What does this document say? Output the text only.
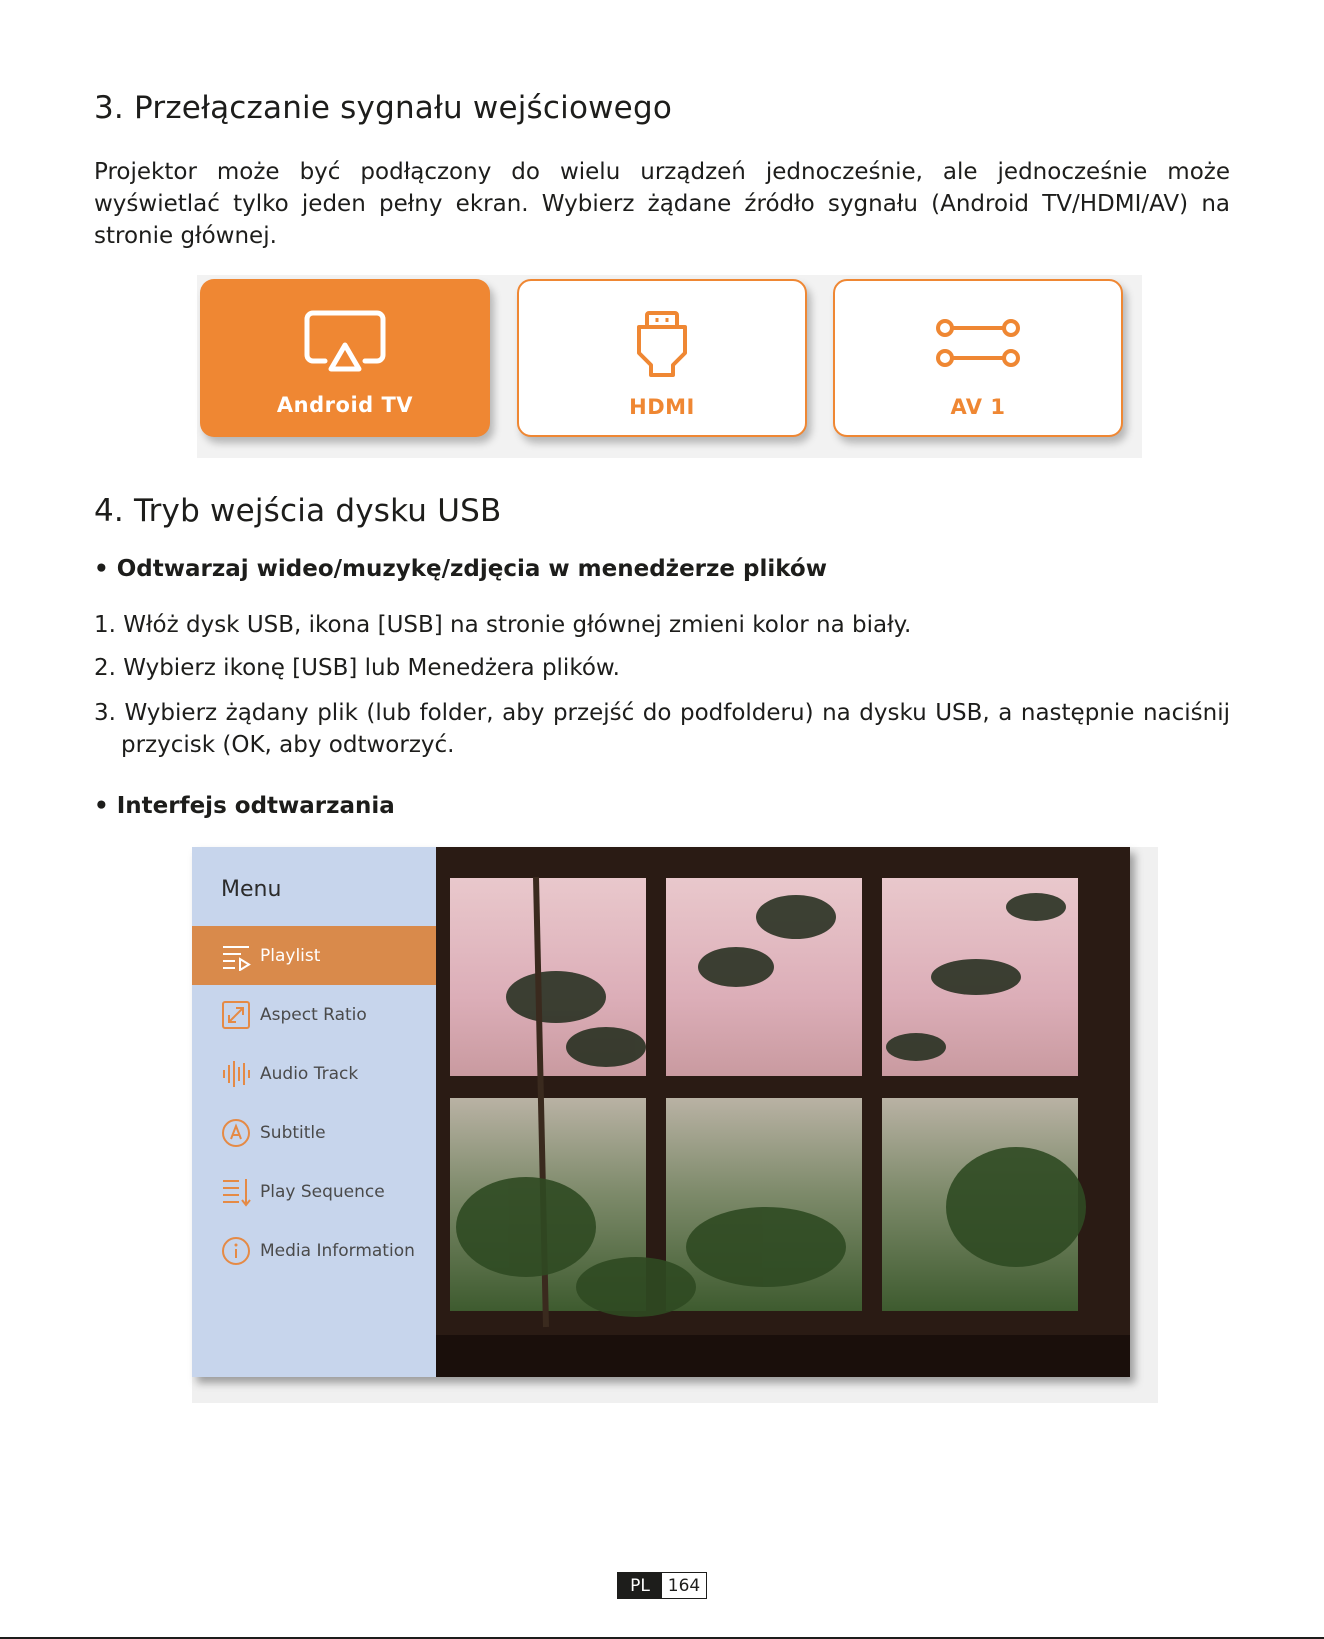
3. Przełączanie sygnału wejściowego

Projektor może być podłączony do wielu urządzeń jednocześnie, ale jednocześnie może wyświetlać tylko jeden pełny ekran. Wybierz żądane źródło sygnału (Android TV/HDMI/AV) na stronie głównej.

Android TV	HDMI	AV 1
4. Tryb wejścia dysku USB
• Odtwarzaj wideo/muzykę/zdjęcia w menedżerze plików

1. Włóż dysk USB, ikona [USB] na stronie głównej zmieni kolor na biały.

2. Wybierz ikonę [USB] lub Menedżera plików.

3. Wybierz żądany plik (lub folder, aby przejść do podfolderu) na dysku USB, a następnie naciśnij przycisk (OK, aby odtworzyć.

• Interfejs odtwarzania
Menu
Playlist
Aspect Ratio
Audio Track
Subtitle
Play Sequence
Media Information
PL	164
